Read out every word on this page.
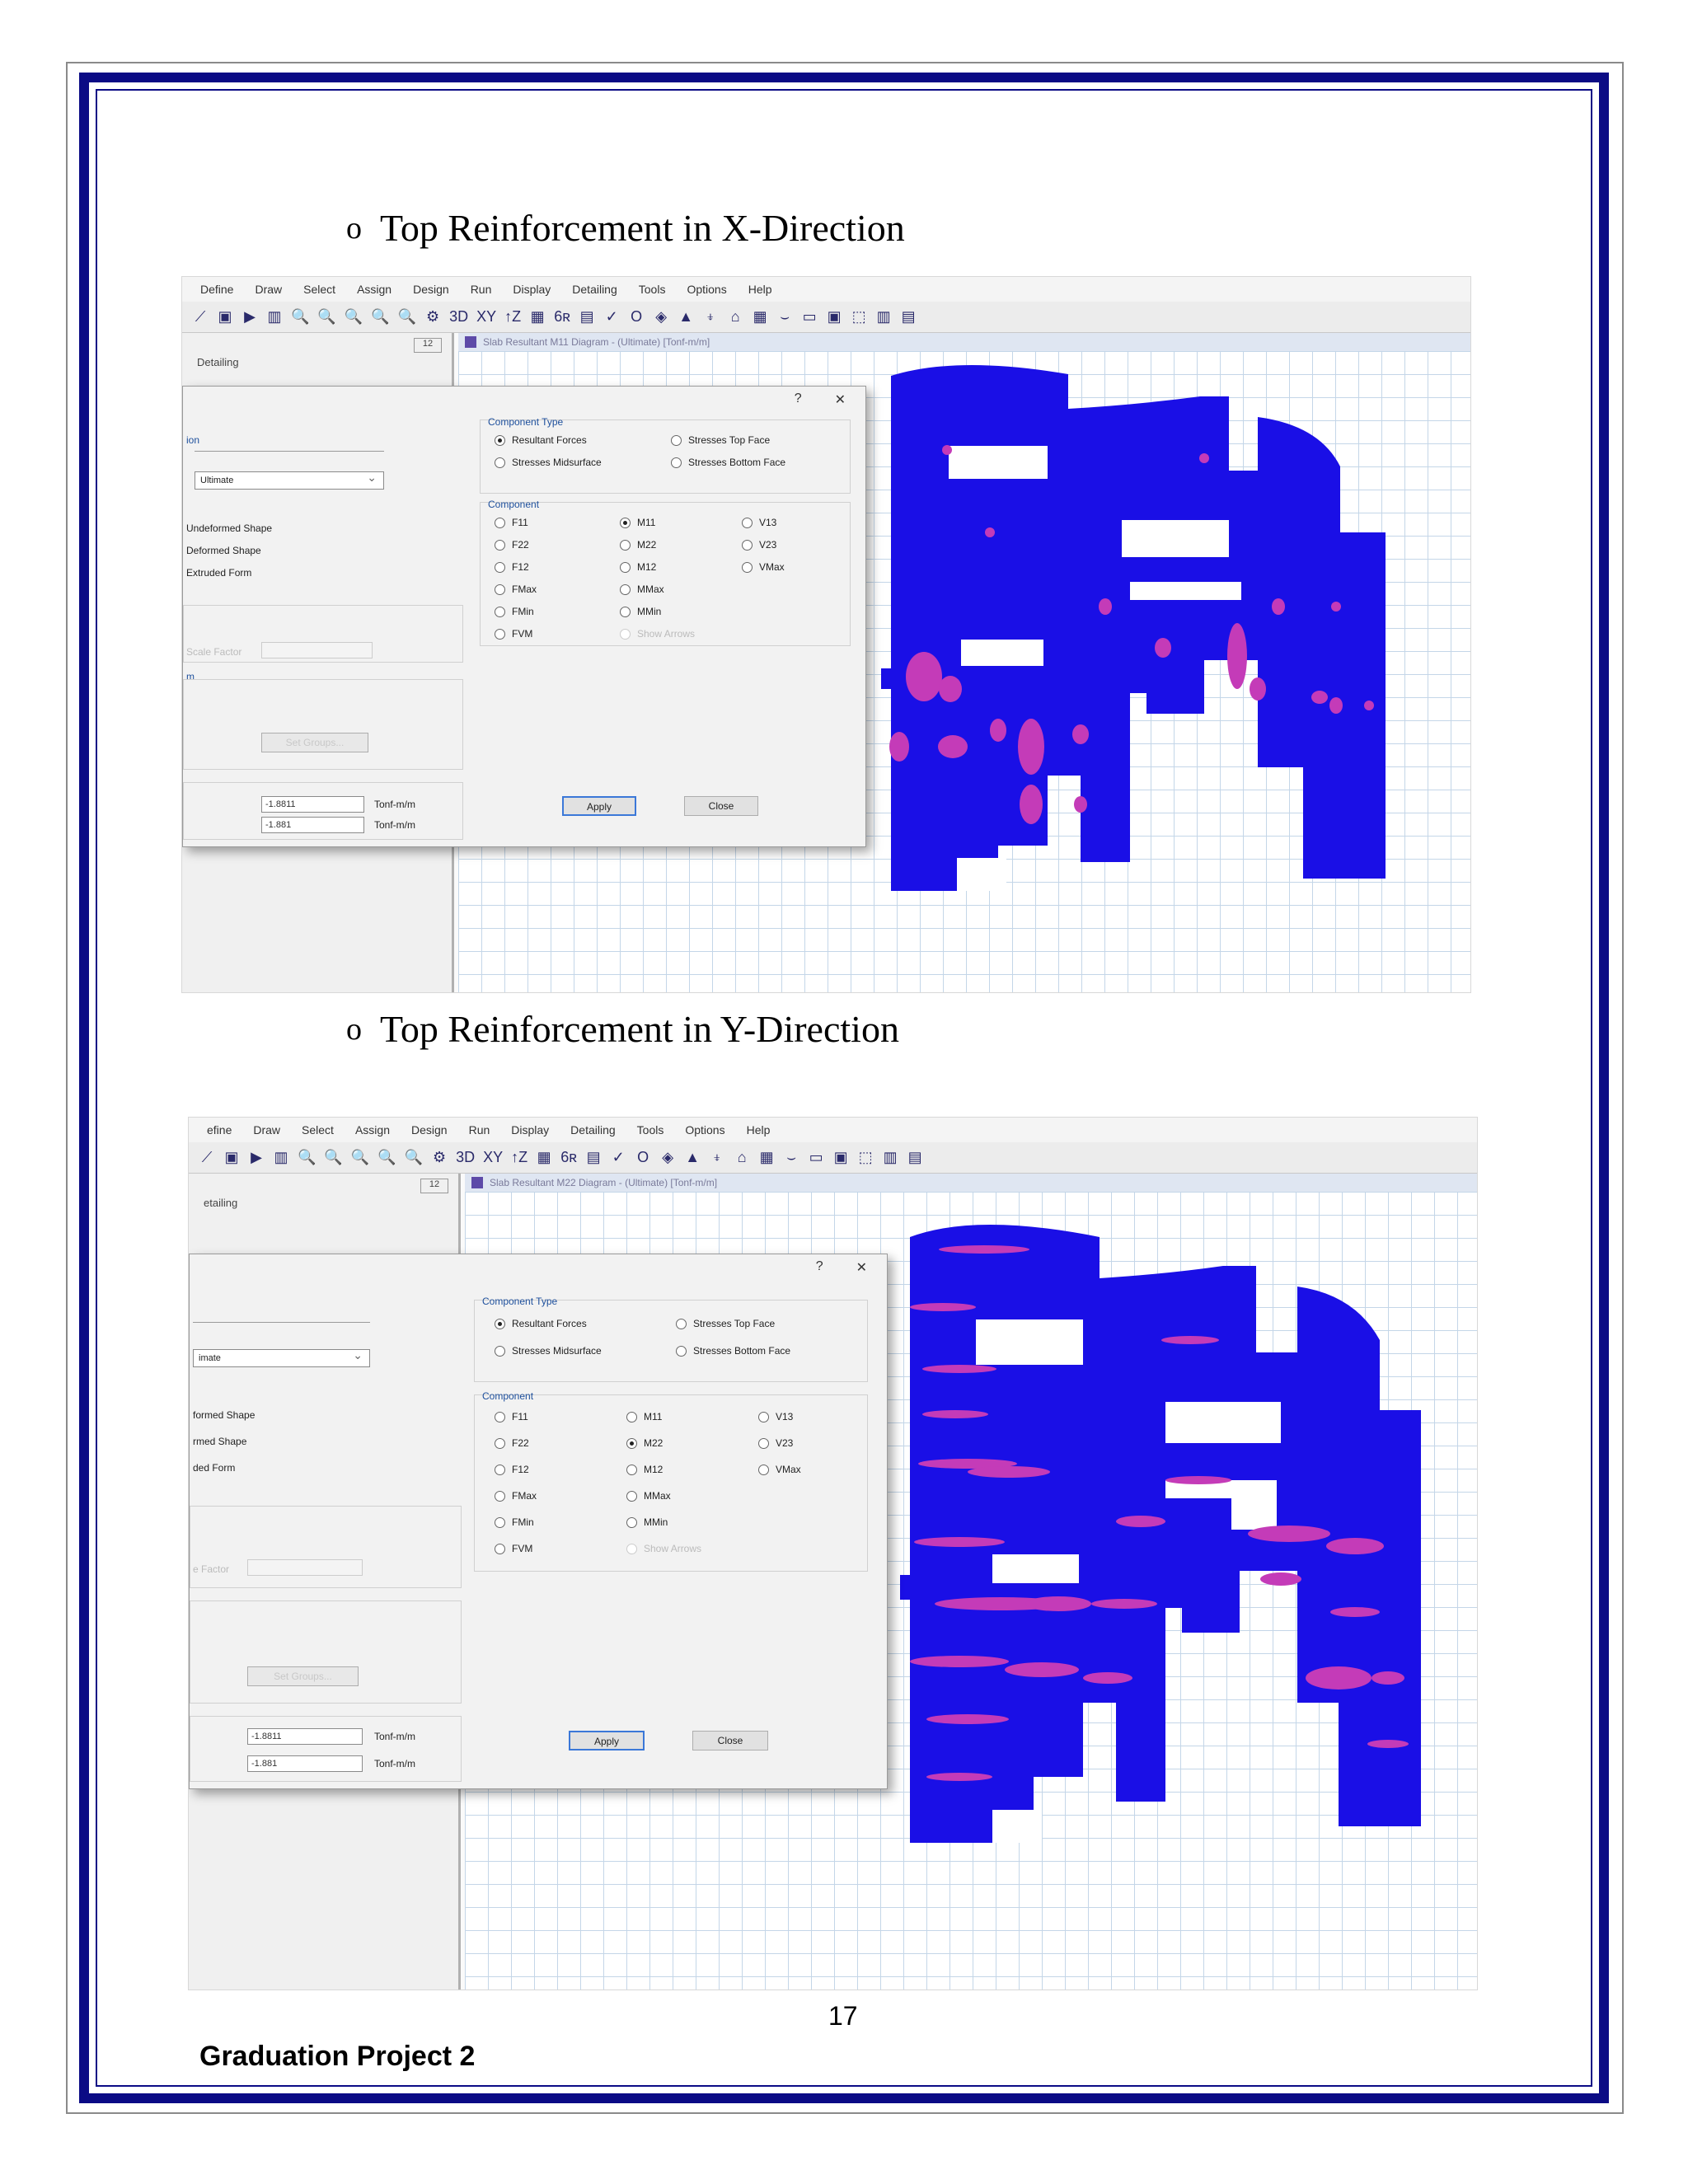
o Top Reinforcement in X-Direction
Define Draw Select Assign Design Run Display Detailing Tools Options Help
⟋ ▣ ▶ ▥ 🔍 🔍 🔍 🔍 🔍 ⚙ 3D XY ↑Z ▦ 6ʀ ▤ ✓ O ◈ ▲ ⍖ ⌂ ▦ ⌣ ▭ ▣ ⬚ ▥ ▤
12
Detailing
Slab Resultant M11 Diagram - (Ultimate) [Tonf-m/m]
?	✕
ion
Ultimate ⌄
Undeformed Shape
Deformed Shape
Extruded Form
Scale Factor
m
Set Groups...
-1.8811	Tonf-m/m
-1.881	Tonf-m/m
Component Type
Resultant Forces	Stresses Top Face
Stresses Midsurface	Stresses Bottom Face
Component
F11	M11	V13
F22	M22	V23
F12	M12	VMax
FMax	MMax
FMin	MMin
FVM	Show Arrows
Apply	Close
o Top Reinforcement in Y-Direction
efine Draw Select Assign Design Run Display Detailing Tools Options Help
⟋ ▣ ▶ ▥ 🔍 🔍 🔍 🔍 🔍 ⚙ 3D XY ↑Z ▦ 6ʀ ▤ ✓ O ◈ ▲ ⍖ ⌂ ▦ ⌣ ▭ ▣ ⬚ ▥ ▤
12
etailing
Slab Resultant M22 Diagram - (Ultimate) [Tonf-m/m]
?	✕
imate ⌄
formed Shape
rmed Shape
ded Form
e Factor
Set Groups...
-1.8811	Tonf-m/m
-1.881	Tonf-m/m
Component Type
Resultant Forces	Stresses Top Face
Stresses Midsurface	Stresses Bottom Face
Component
F11	M11	V13
F22	M22	V23
F12	M12	VMax
FMax	MMax
FMin	MMin
FVM	Show Arrows
Apply	Close
17
Graduation Project 2
